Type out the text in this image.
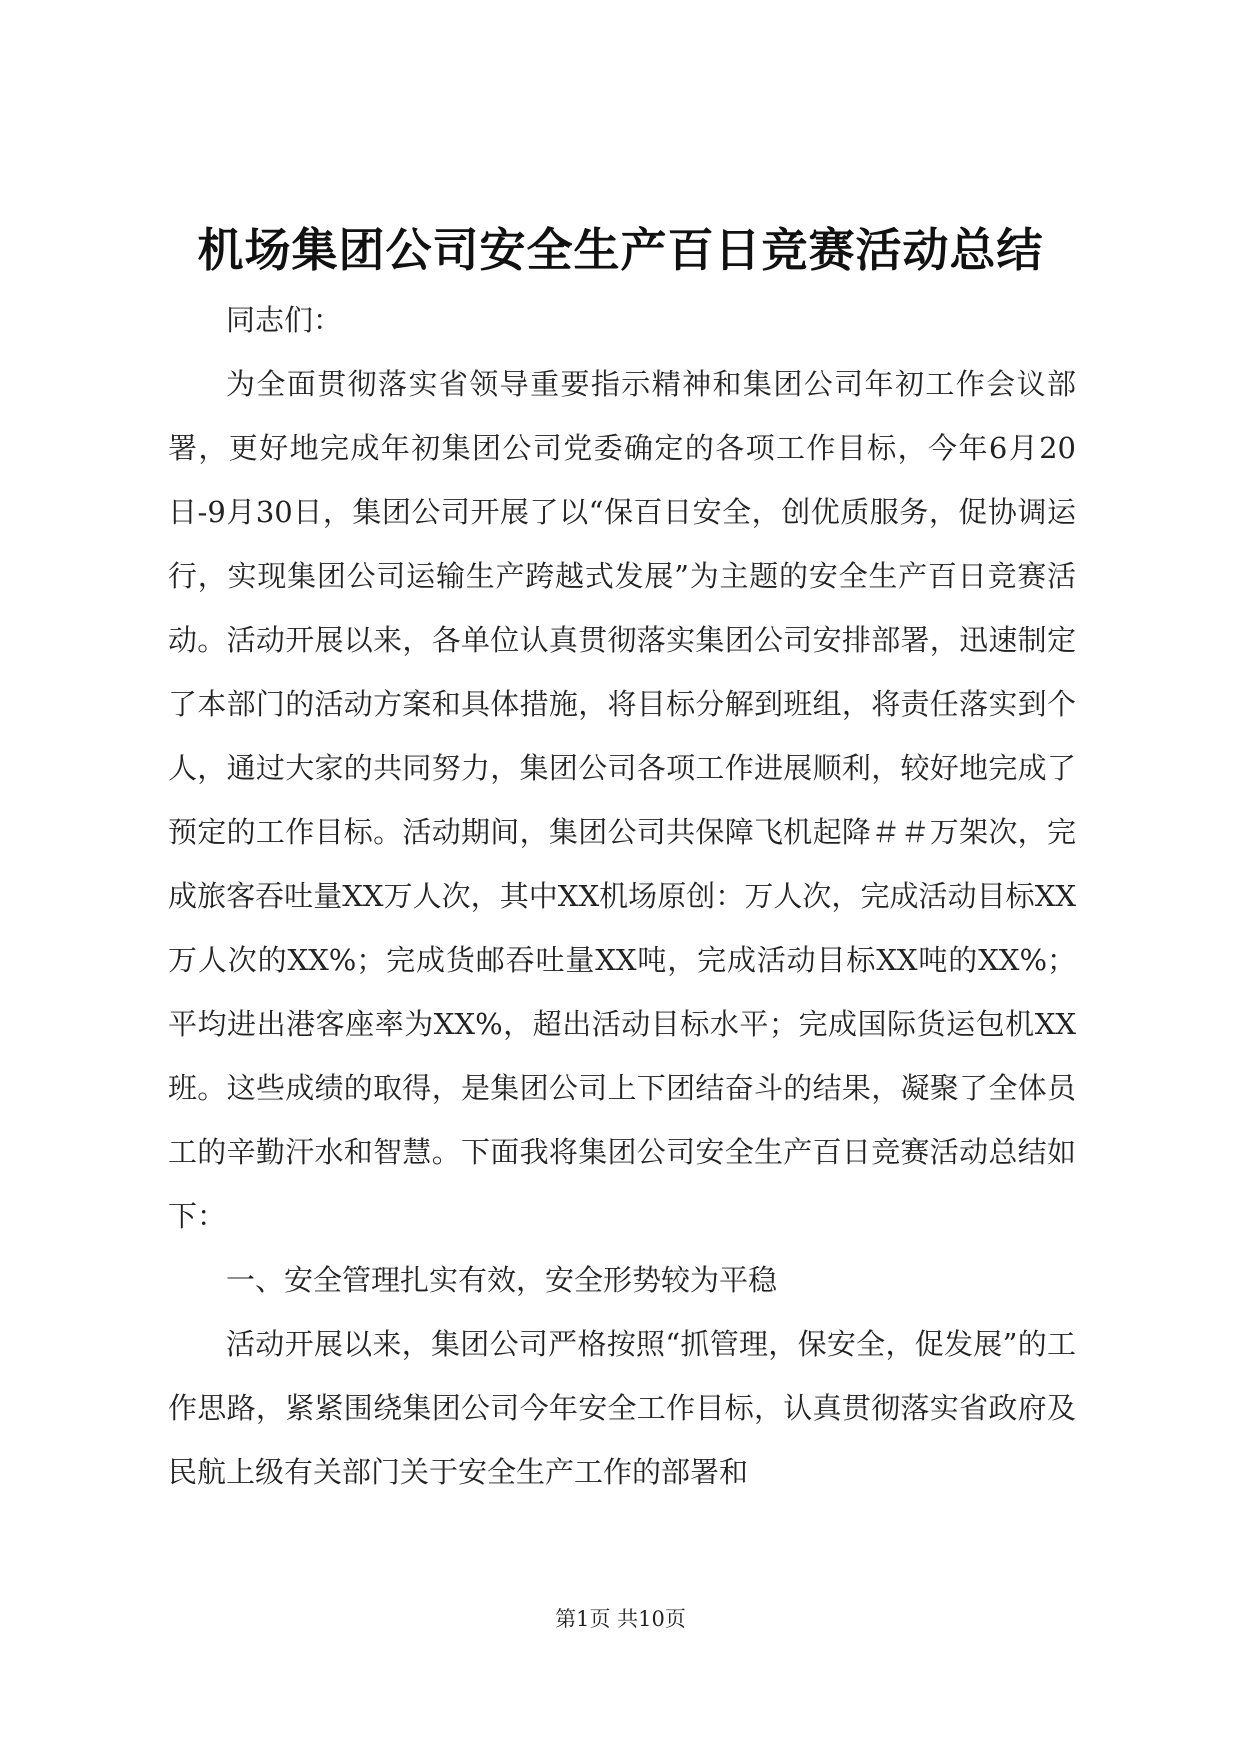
机场集团公司安全生产百日竞赛活动总结

同志们：

为全面贯彻落实省领导重要指示精神和集团公司年初工作会议部署，更好地完成年初集团公司党委确定的各项工作目标，今年6月20日-9月30日，集团公司开展了以“保百日安全，创优质服务，促协调运行，实现集团公司运输生产跨越式发展”为主题的安全生产百日竞赛活动。活动开展以来，各单位认真贯彻落实集团公司安排部署，迅速制定了本部门的活动方案和具体措施，将目标分解到班组，将责任落实到个人，通过大家的共同努力，集团公司各项工作进展顺利，较好地完成了预定的工作目标。活动期间，集团公司共保障飞机起降＃＃万架次，完成旅客吞吐量XX万人次，其中XX机场原创：万人次，完成活动目标XX万人次的XX%；完成货邮吞吐量XX吨，完成活动目标XX吨的XX%；平均进出港客座率为XX%，超出活动目标水平；完成国际货运包机XX班。这些成绩的取得，是集团公司上下团结奋斗的结果，凝聚了全体员工的辛勤汗水和智慧。下面我将集团公司安全生产百日竞赛活动总结如下：

一、安全管理扎实有效，安全形势较为平稳

活动开展以来，集团公司严格按照“抓管理，保安全，促发展”的工作思路，紧紧围绕集团公司今年安全工作目标，认真贯彻落实省政府及民航上级有关部门关于安全生产工作的部署和

第1页 共10页
